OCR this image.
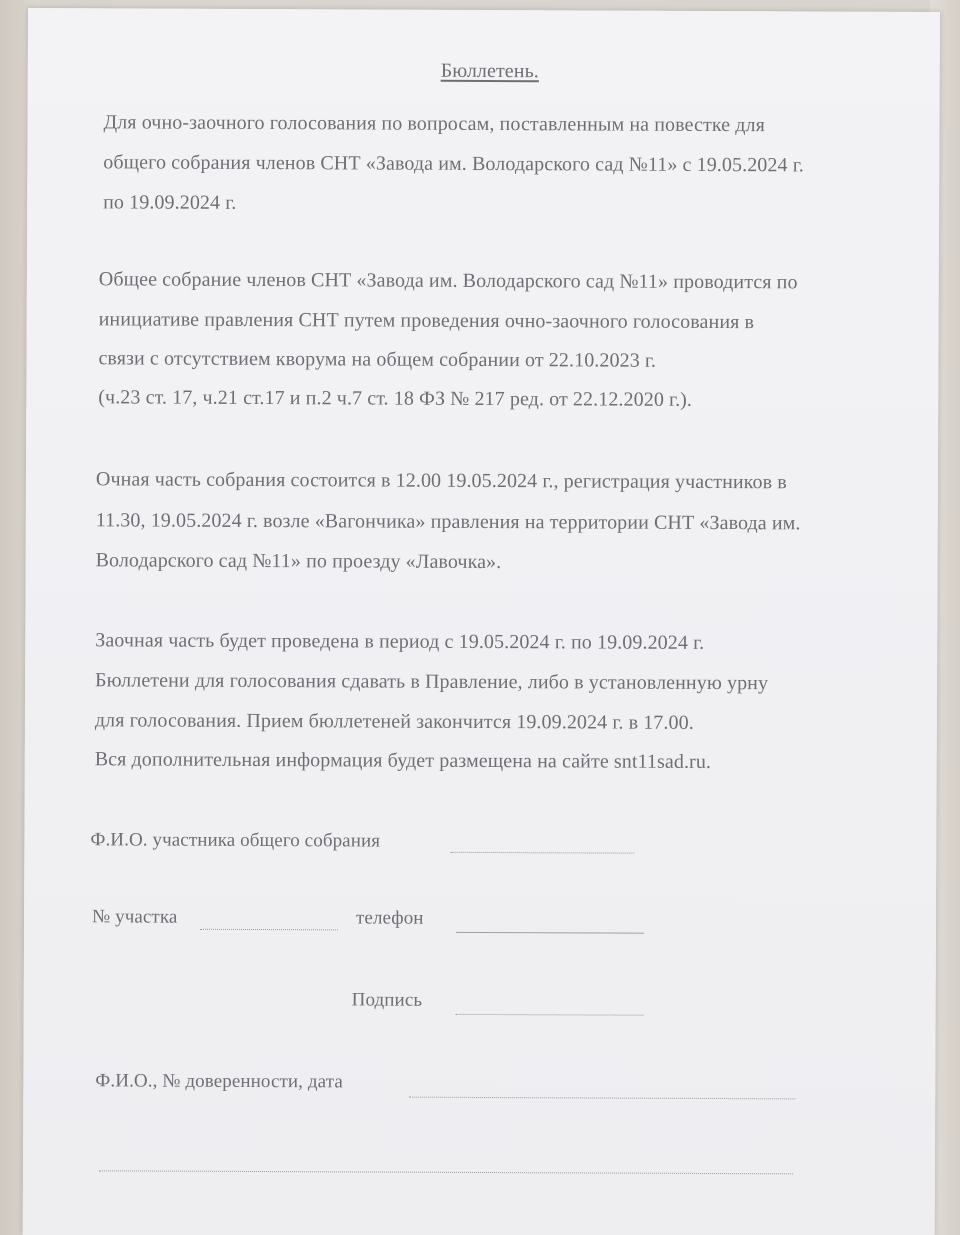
Бюллетень.
Для очно-заочного голосования по вопросам, поставленным на повестке для
общего собрания членов СНТ «Завода им. Володарского сад №11» с 19.05.2024 г.
по 19.09.2024 г.
Общее собрание членов СНТ «Завода им. Володарского сад №11» проводится по
инициативе правления СНТ путем проведения очно-заочного голосования в
связи с отсутствием кворума на общем собрании от 22.10.2023 г.
(ч.23 ст. 17, ч.21 ст.17 и п.2 ч.7 ст. 18 ФЗ № 217 ред. от 22.12.2020 г.).
Очная часть собрания состоится в 12.00 19.05.2024 г., регистрация участников в
11.30, 19.05.2024 г. возле «Вагончика» правления на территории СНТ «Завода им.
Володарского сад №11» по проезду «Лавочка».
Заочная часть будет проведена в период с 19.05.2024 г. по 19.09.2024 г.
Бюллетени для голосования сдавать в Правление, либо в установленную урну
для голосования. Прием бюллетеней закончится 19.09.2024 г. в 17.00.
Вся дополнительная информация будет размещена на сайте snt11sad.ru.
Ф.И.О. участника общего собрания
№ участка	телефон
Подпись
Ф.И.О., № доверенности, дата
